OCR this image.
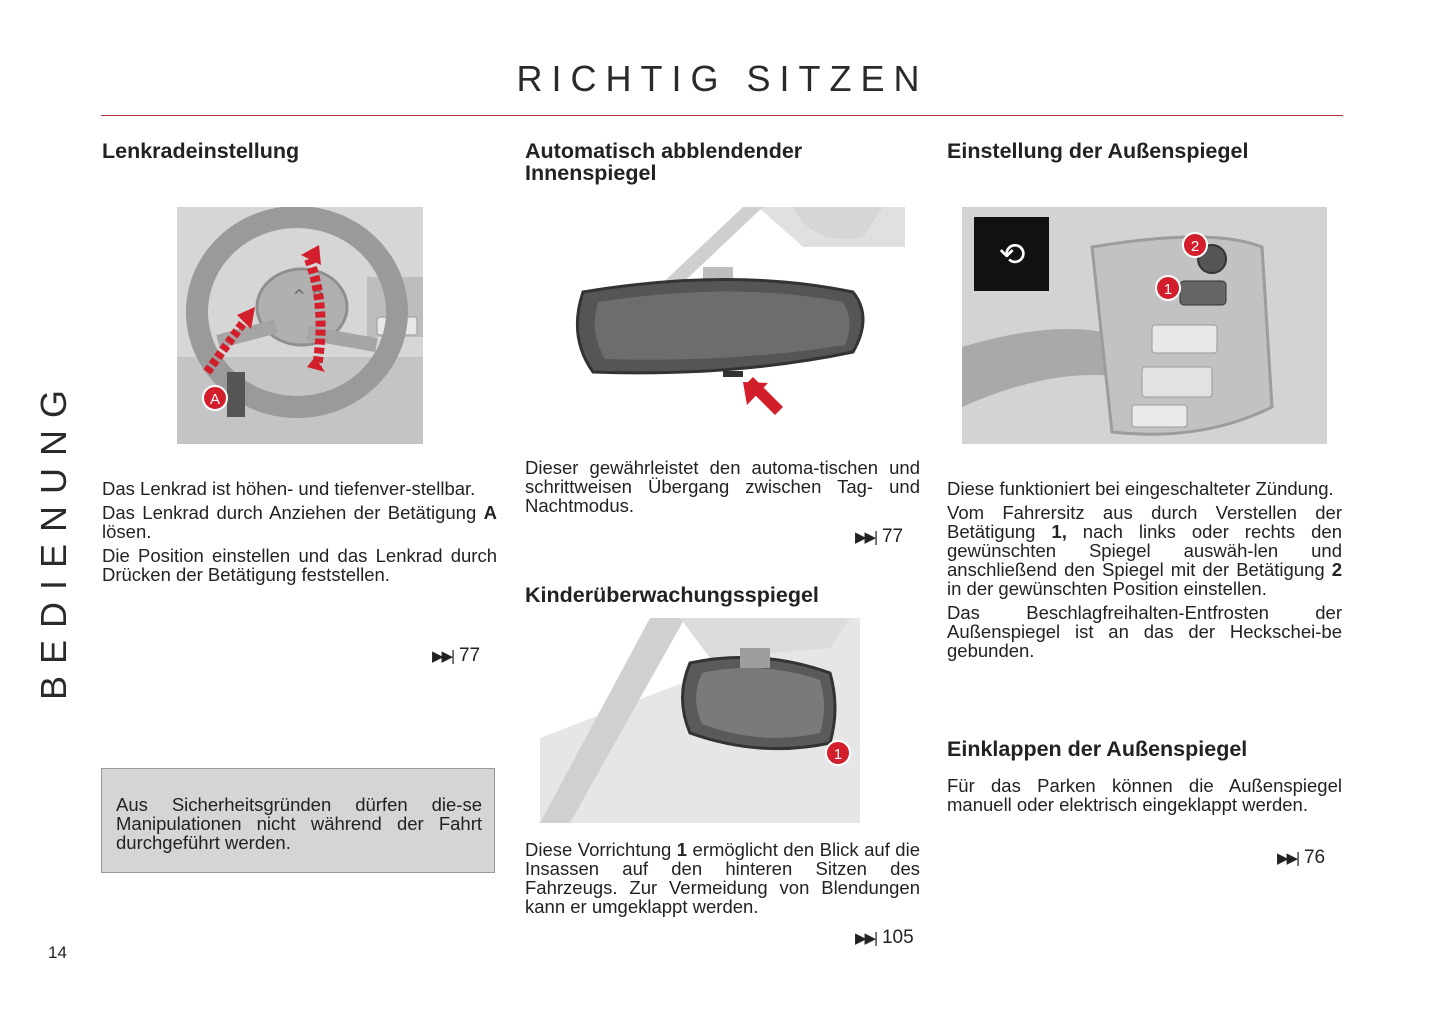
RICHTIG SITZEN
BEDIENUNG
Lenkradeinstellung
⌃⌃
A

Das Lenkrad ist höhen- und tiefenver-stellbar.

Das Lenkrad durch Anziehen der Betätigung A lösen.

Die Position einstellen und das Lenkrad durch Drücken der Betätigung feststellen.

▶▶| 77

Aus Sicherheitsgründen dürfen die-se Manipulationen nicht während der Fahrt durchgeführt werden.

Automatisch abblendender Innenspiegel

Dieser gewährleistet den automa-tischen und schrittweisen Übergang zwischen Tag- und Nachtmodus.

▶▶| 77
Kinderüberwachungsspiegel
1

Diese Vorrichtung 1 ermöglicht den Blick auf die Insassen auf den hinteren Sitzen des Fahrzeugs. Zur Vermeidung von Blendungen kann er umgeklappt werden.

▶▶| 105
Einstellung der Außenspiegel
⟲	2
1

Diese funktioniert bei eingeschalteter Zündung.

Vom Fahrersitz aus durch Verstellen der Betätigung 1, nach links oder rechts den gewünschten Spiegel auswäh-len und anschließend den Spiegel mit der Betätigung 2 in der gewünschten Position einstellen.

Das Beschlagfreihalten-Entfrosten der Außenspiegel ist an das der Heckschei-be gebunden.

Einklappen der Außenspiegel

Für das Parken können die Außenspiegel manuell oder elektrisch eingeklappt werden.

▶▶| 76
14
